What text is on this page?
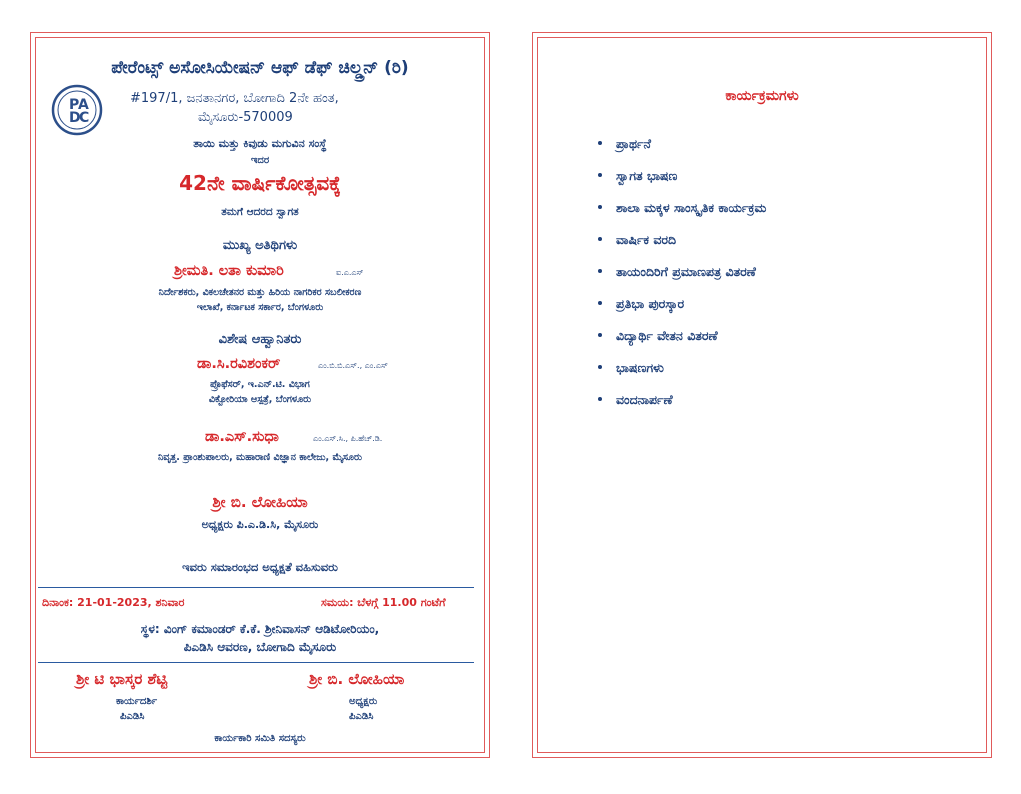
ಪೇರೆಂಟ್ಸ್ ಅಸೋಸಿಯೇಷನ್ ಆಫ್ ಡೆಫ್ ಚಿಲ್ಡ್ರನ್ (ರಿ)
P
A
D
C
#197/1, ಜನತಾನಗರ, ಬೋಗಾದಿ 2ನೇ ಹಂತ,
ಮೈಸೂರು-570009
ತಾಯಿ ಮತ್ತು ಕಿವುಡು ಮಗುವಿನ ಸಂಸ್ಥೆ
ಇದರ
42ನೇ ವಾರ್ಷಿಕೋತ್ಸವಕ್ಕೆ
ತಮಗೆ ಆದರದ ಸ್ವಾಗತ
ಮುಖ್ಯ ಅತಿಥಿಗಳು
ಶ್ರೀಮತಿ. ಲತಾ ಕುಮಾರಿ	ಐ.ಎ.ಎಸ್
ನಿರ್ದೇಶಕರು, ವಿಕಲಚೇತನರ ಮತ್ತು ಹಿರಿಯ ನಾಗರಿಕರ ಸಬಲೀಕರಣ
ಇಲಾಖೆ, ಕರ್ನಾಟಕ ಸರ್ಕಾರ, ಬೆಂಗಳೂರು
ವಿಶೇಷ ಆಹ್ವಾನಿತರು
ಡಾ.ಸಿ.ರವಿಶಂಕರ್	ಎಂ.ಬಿ.ಬಿ.ಎಸ್., ಎಂ.ಎಸ್
ಪ್ರೊಫೆಸರ್, ಇ.ಎನ್.ಟಿ. ವಿಭಾಗ
ವಿಕ್ಟೋರಿಯಾ ಆಸ್ಪತ್ರೆ, ಬೆಂಗಳೂರು
ಡಾ.ಎಸ್.ಸುಧಾ	ಎಂ.ಎಸ್.ಸಿ., ಪಿ.ಹೆಚ್.ಡಿ.
ನಿವೃತ್ತ. ಪ್ರಾಂಶುಪಾಲರು, ಮಹಾರಾಣಿ ವಿಜ್ಞಾನ ಕಾಲೇಜು, ಮೈಸೂರು
ಶ್ರೀ ಬಿ. ಲೋಹಿಯಾ
ಅಧ್ಯಕ್ಷರು ಪಿ.ಎ.ಡಿ.ಸಿ, ಮೈಸೂರು
ಇವರು ಸಮಾರಂಭದ ಅಧ್ಯಕ್ಷತೆ ವಹಿಸುವರು
ದಿನಾಂಕ: 21-01-2023, ಶನಿವಾರ	ಸಮಯ: ಬೆಳಗ್ಗೆ 11.00 ಗಂಟೆಗೆ
ಸ್ಥಳ: ವಿಂಗ್ ಕಮಾಂಡರ್ ಕೆ.ಕೆ. ಶ್ರೀನಿವಾಸನ್ ಆಡಿಟೋರಿಯಂ,
ಪಿಎಡಿಸಿ ಆವರಣ, ಬೋಗಾದಿ ಮೈಸೂರು
ಶ್ರೀ ಟಿ ಭಾಸ್ಕರ ಶೆಟ್ಟಿ
ಕಾರ್ಯದರ್ಶಿ
ಪಿಎಡಿಸಿ
ಶ್ರೀ ಬಿ. ಲೋಹಿಯಾ
ಅಧ್ಯಕ್ಷರು
ಪಿಎಡಿಸಿ
ಕಾರ್ಯಕಾರಿ ಸಮಿತಿ ಸದಸ್ಯರು
ಕಾರ್ಯಕ್ರಮಗಳು
ಪ್ರಾರ್ಥನೆ
ಸ್ವಾಗತ ಭಾಷಣ
ಶಾಲಾ ಮಕ್ಕಳ ಸಾಂಸ್ಕೃತಿಕ ಕಾರ್ಯಕ್ರಮ
ವಾರ್ಷಿಕ ವರದಿ
ತಾಯಂದಿರಿಗೆ ಪ್ರಮಾಣಪತ್ರ ವಿತರಣೆ
ಪ್ರತಿಭಾ ಪುರಸ್ಕಾರ
ವಿದ್ಯಾರ್ಥಿ ವೇತನ ವಿತರಣೆ
ಭಾಷಣಗಳು
ವಂದನಾರ್ಪಣೆ
